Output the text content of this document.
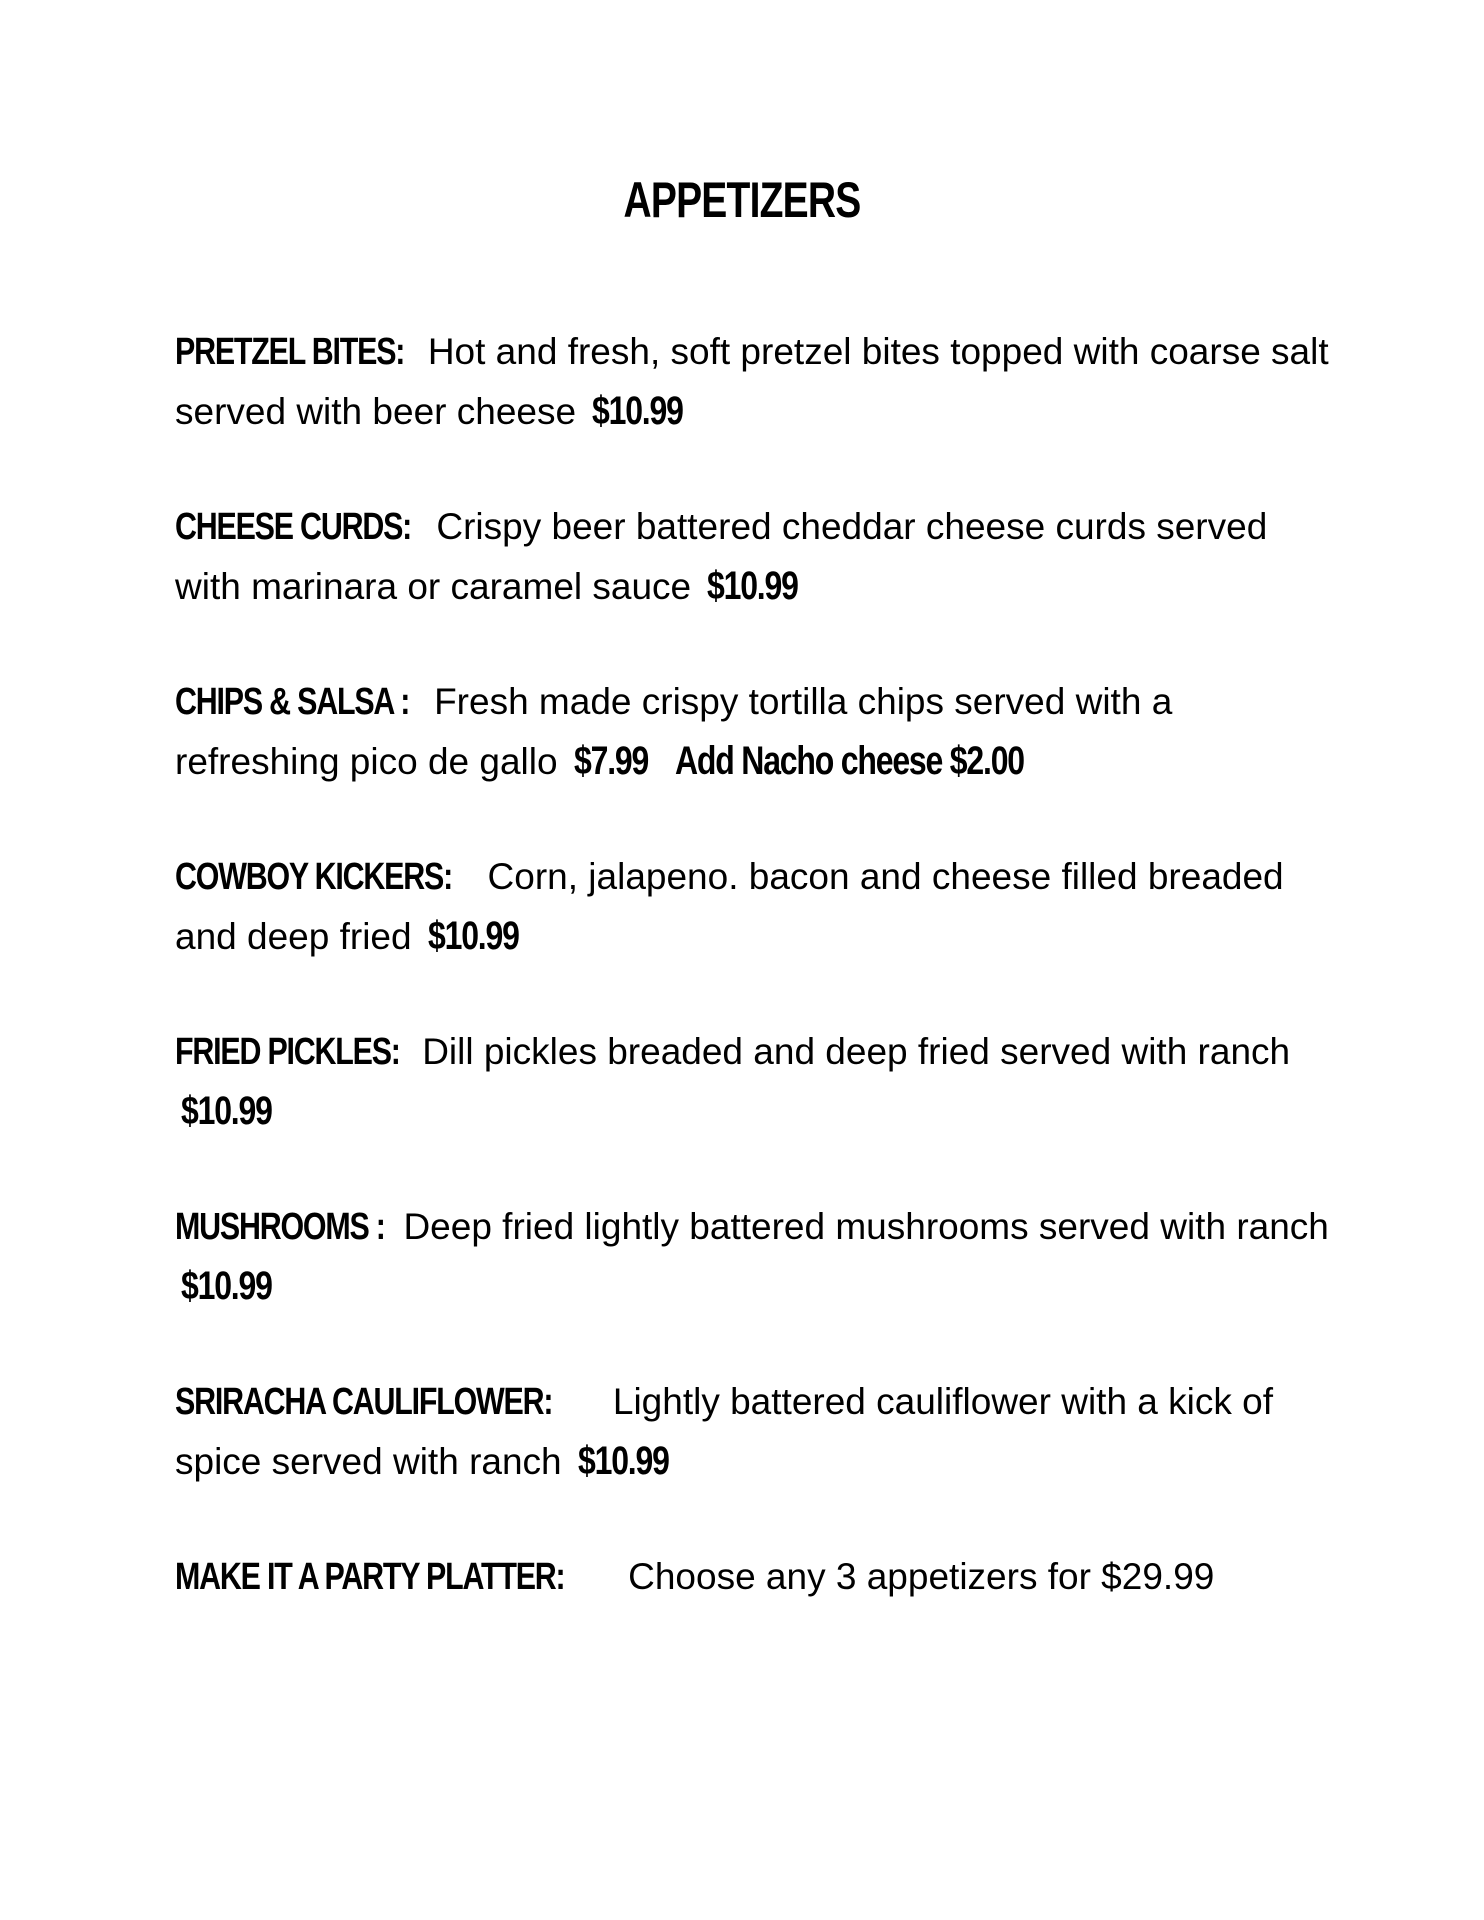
APPETIZERS
PRETZEL BITES: Hot and fresh, soft pretzel bites topped with coarse salt served with beer cheese $10.99
CHEESE CURDS: Crispy beer battered cheddar cheese curds served with marinara or caramel sauce $10.99
CHIPS & SALSA : Fresh made crispy tortilla chips served with a refreshing pico de gallo $7.99 Add Nacho cheese $2.00
COWBOY KICKERS: Corn, jalapeno. bacon and cheese filled breaded and deep fried $10.99
FRIED PICKLES: Dill pickles breaded and deep fried served with ranch $10.99
MUSHROOMS : Deep fried lightly battered mushrooms served with ranch $10.99
SRIRACHA CAULIFLOWER: Lightly battered cauliflower with a kick of spice served with ranch $10.99
MAKE IT A PARTY PLATTER: Choose any 3 appetizers for $29.99
